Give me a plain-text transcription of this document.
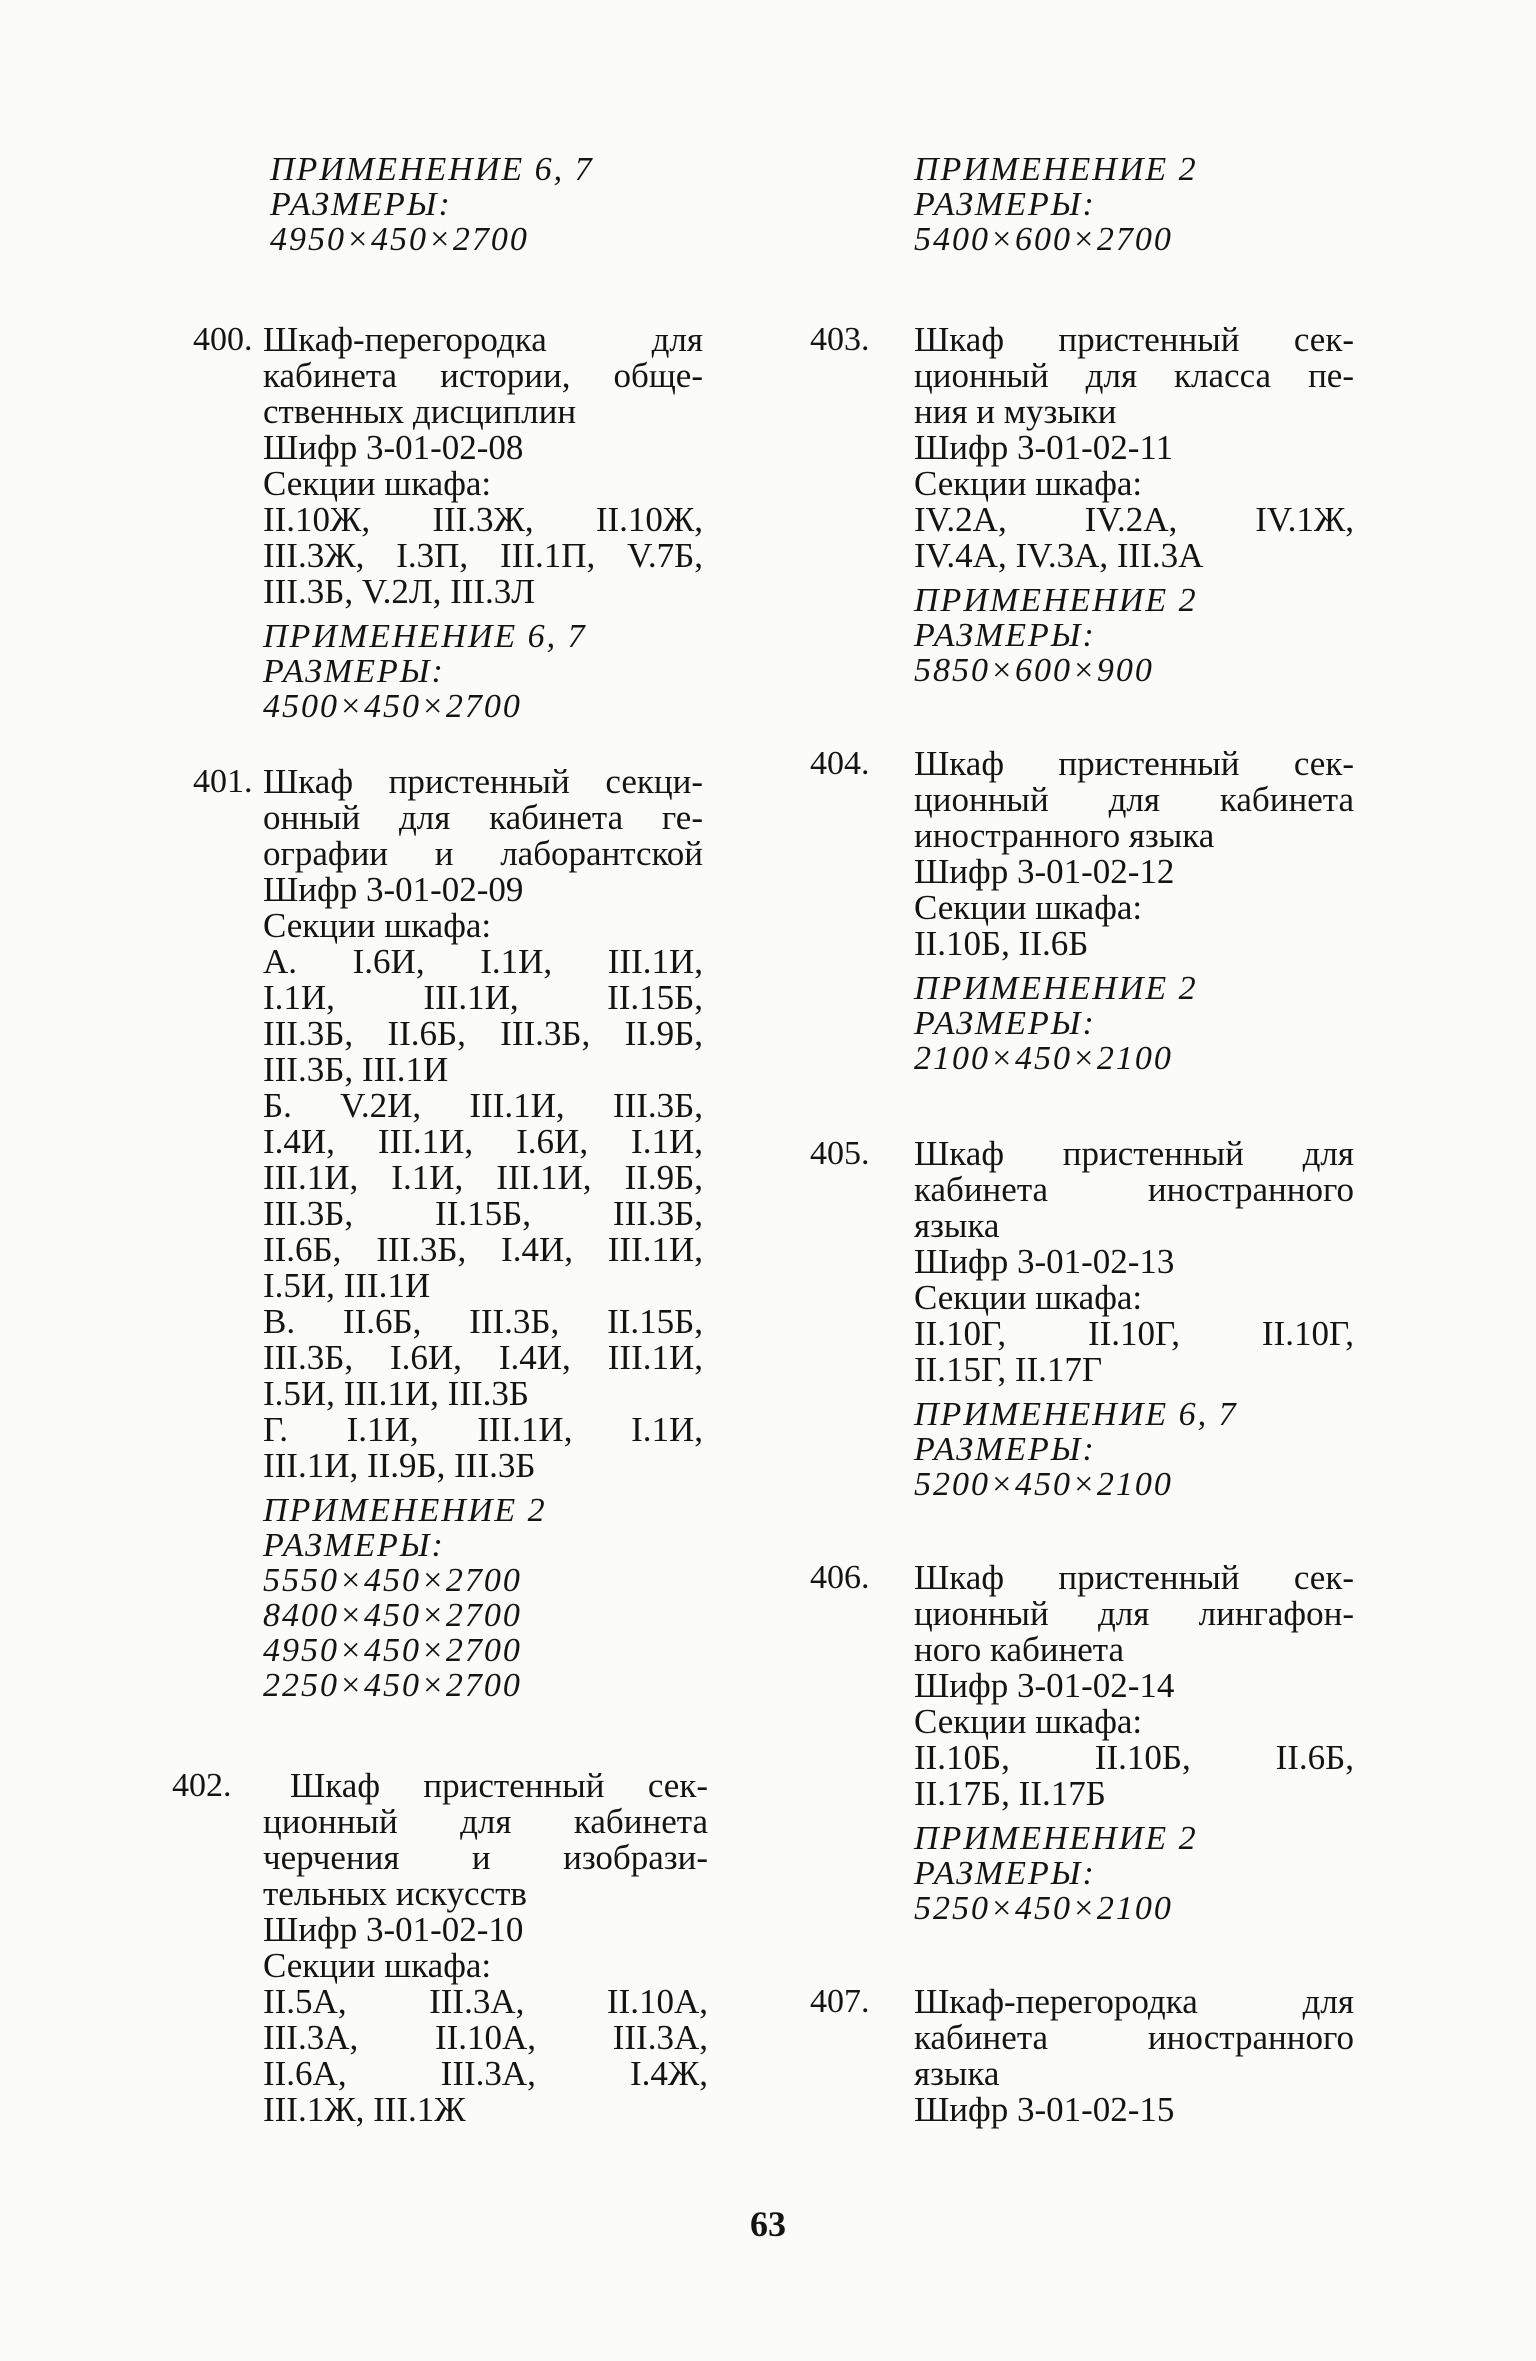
ПРИМЕНЕНИЕ 6, 7
РАЗМЕРЫ:
4950×450×2700
400. Шкаф-перегородка для
кабинета истории, обще-
ственных дисциплин
Шифр 3-01-02-08
Секции шкафа:
II.10Ж, III.3Ж, II.10Ж,
III.3Ж, I.3П, III.1П, V.7Б,
III.3Б, V.2Л, III.3Л
ПРИМЕНЕНИЕ 6, 7
РАЗМЕРЫ:
4500×450×2700
401. Шкаф пристенный секци-
онный для кабинета ге-
ографии и лаборантской
Шифр 3-01-02-09
Секции шкафа:
А. I.6И, I.1И, III.1И,
I.1И, III.1И, II.15Б,
III.3Б, II.6Б, III.3Б, II.9Б,
III.3Б, III.1И
Б. V.2И, III.1И, III.3Б,
I.4И, III.1И, I.6И, I.1И,
III.1И, I.1И, III.1И, II.9Б,
III.3Б, II.15Б, III.3Б,
II.6Б, III.3Б, I.4И, III.1И,
I.5И, III.1И
В. II.6Б, III.3Б, II.15Б,
III.3Б, I.6И, I.4И, III.1И,
I.5И, III.1И, III.3Б
Г. I.1И, III.1И, I.1И,
III.1И, II.9Б, III.3Б
ПРИМЕНЕНИЕ 2
РАЗМЕРЫ:
5550×450×2700
8400×450×2700
4950×450×2700
2250×450×2700
402.	Шкаф пристенный сек-
ционный для кабинета
черчения и изобрази-
тельных искусств
Шифр 3-01-02-10
Секции шкафа:
II.5А, III.3А, II.10А,
III.3А, II.10А, III.3А,
II.6А, III.3А, I.4Ж,
III.1Ж, III.1Ж
ПРИМЕНЕНИЕ 2
РАЗМЕРЫ:
5400×600×2700
403. Шкаф пристенный сек-
ционный для класса пе-
ния и музыки
Шифр 3-01-02-11
Секции шкафа:
IV.2А, IV.2А, IV.1Ж,
IV.4А, IV.3А, III.3А
ПРИМЕНЕНИЕ 2
РАЗМЕРЫ:
5850×600×900
404. Шкаф пристенный сек-
ционный для кабинета
иностранного языка
Шифр 3-01-02-12
Секции шкафа:
II.10Б, II.6Б
ПРИМЕНЕНИЕ 2
РАЗМЕРЫ:
2100×450×2100
405. Шкаф пристенный для
кабинета иностранного
языка
Шифр 3-01-02-13
Секции шкафа:
II.10Г, II.10Г, II.10Г,
II.15Г, II.17Г
ПРИМЕНЕНИЕ 6, 7
РАЗМЕРЫ:
5200×450×2100
406. Шкаф пристенный сек-
ционный для лингафон-
ного кабинета
Шифр 3-01-02-14
Секции шкафа:
II.10Б, II.10Б, II.6Б,
II.17Б, II.17Б
ПРИМЕНЕНИЕ 2
РАЗМЕРЫ:
5250×450×2100
407. Шкаф-перегородка для
кабинета иностранного
языка
Шифр 3-01-02-15
63
